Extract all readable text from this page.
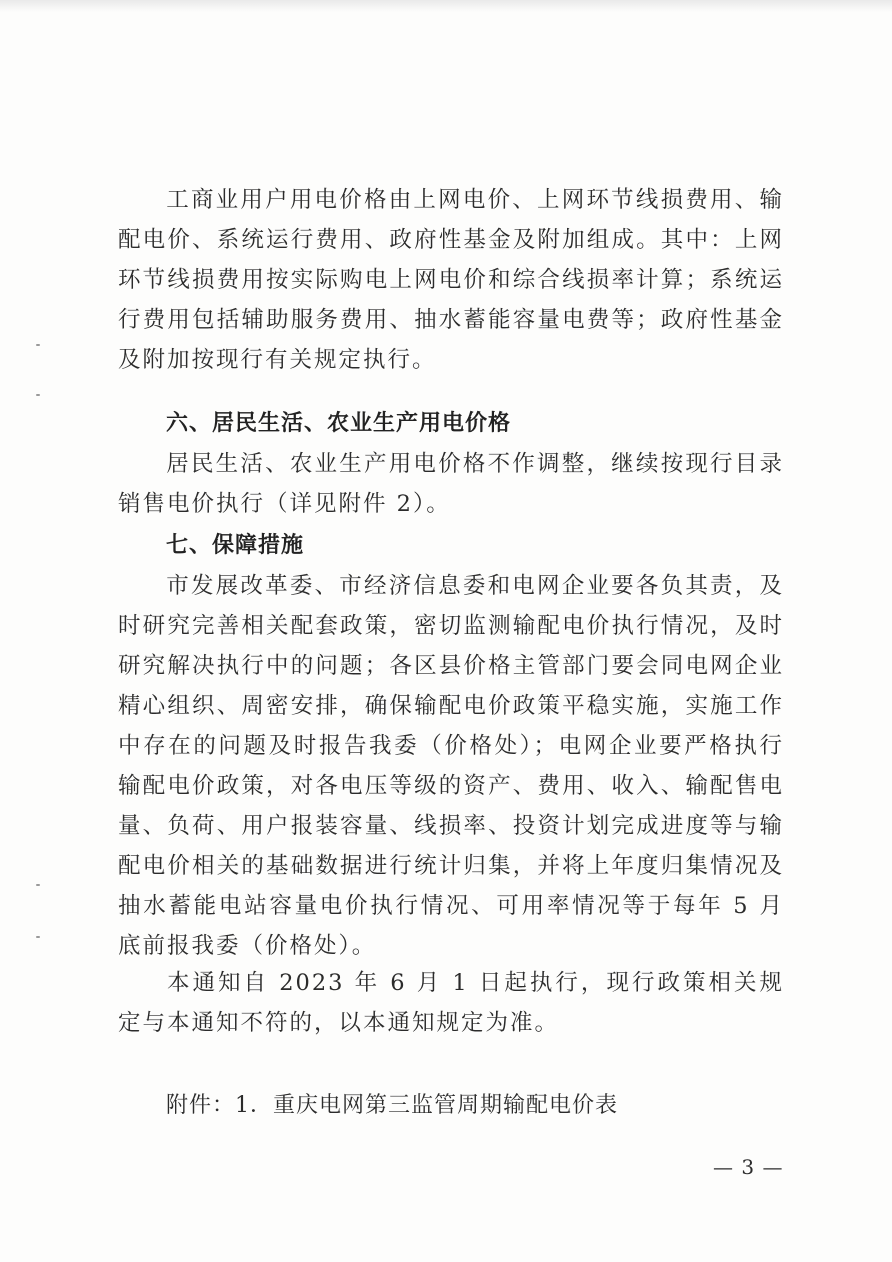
工商业用户用电价格由上网电价、上网环节线损费用、输配电价、系统运行费用、政府性基金及附加组成。其中：上网环节线损费用按实际购电上网电价和综合线损率计算；系统运行费用包括辅助服务费用、抽水蓄能容量电费等；政府性基金及附加按现行有关规定执行。
六、居民生活、农业生产用电价格
居民生活、农业生产用电价格不作调整，继续按现行目录销售电价执行（详见附件 2）。
七、保障措施
市发展改革委、市经济信息委和电网企业要各负其责，及时研究完善相关配套政策，密切监测输配电价执行情况，及时研究解决执行中的问题；各区县价格主管部门要会同电网企业精心组织、周密安排，确保输配电价政策平稳实施，实施工作中存在的问题及时报告我委（价格处）；电网企业要严格执行输配电价政策，对各电压等级的资产、费用、收入、输配售电量、负荷、用户报装容量、线损率、投资计划完成进度等与输配电价相关的基础数据进行统计归集，并将上年度归集情况及抽水蓄能电站容量电价执行情况、可用率情况等于每年 5 月底前报我委（价格处）。
本通知自 2023 年 6 月 1 日起执行，现行政策相关规定与本通知不符的，以本通知规定为准。
附件：1．重庆电网第三监管周期输配电价表
— 3 —
